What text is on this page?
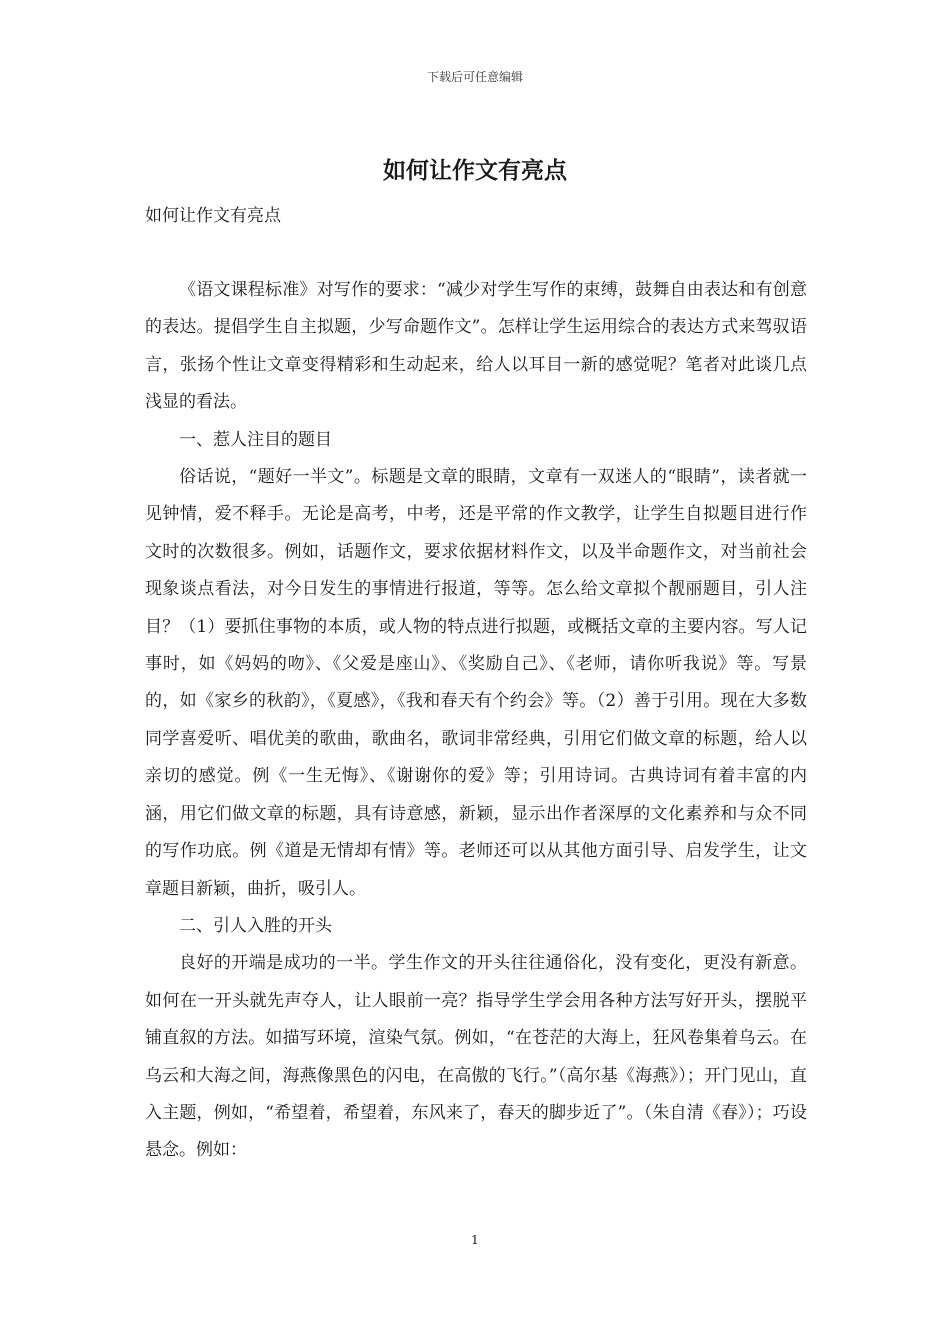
下载后可任意编辑
如何让作文有亮点

如何让作文有亮点

《语文课程标准》对写作的要求：“减少对学生写作的束缚，鼓舞自由表达和有创意的表达。提倡学生自主拟题，少写命题作文”。怎样让学生运用综合的表达方式来驾驭语言，张扬个性让文章变得精彩和生动起来，给人以耳目一新的感觉呢？笔者对此谈几点浅显的看法。

一、惹人注目的题目

俗话说，“题好一半文”。标题是文章的眼睛，文章有一双迷人的“眼睛”，读者就一见钟情，爱不释手。无论是高考，中考，还是平常的作文教学，让学生自拟题目进行作文时的次数很多。例如，话题作文，要求依据材料作文，以及半命题作文，对当前社会现象谈点看法，对今日发生的事情进行报道，等等。怎么给文章拟个靓丽题目，引人注目？（1）要抓住事物的本质，或人物的特点进行拟题，或概括文章的主要内容。写人记事时，如《妈妈的吻》、《父爱是座山》、《奖励自己》、《老师，请你听我说》等。写景的，如《家乡的秋韵》，《夏感》，《我和春天有个约会》等。（2）善于引用。现在大多数同学喜爱听、唱优美的歌曲，歌曲名，歌词非常经典，引用它们做文章的标题，给人以亲切的感觉。例《一生无悔》、《谢谢你的爱》等；引用诗词。古典诗词有着丰富的内涵，用它们做文章的标题，具有诗意感，新颖，显示出作者深厚的文化素养和与众不同的写作功底。例《道是无情却有情》等。老师还可以从其他方面引导、启发学生，让文章题目新颖，曲折，吸引人。

二、引人入胜的开头

良好的开端是成功的一半。学生作文的开头往往通俗化，没有变化，更没有新意。如何在一开头就先声夺人，让人眼前一亮？指导学生学会用各种方法写好开头，摆脱平铺直叙的方法。如描写环境，渲染气氛。例如，“在苍茫的大海上，狂风卷集着乌云。在乌云和大海之间，海燕像黑色的闪电，在高傲的飞行。”（高尔基《海燕》）；开门见山，直入主题，例如，“希望着，希望着，东风来了，春天的脚步近了”。（朱自清《春》）；巧设悬念。例如：

1
